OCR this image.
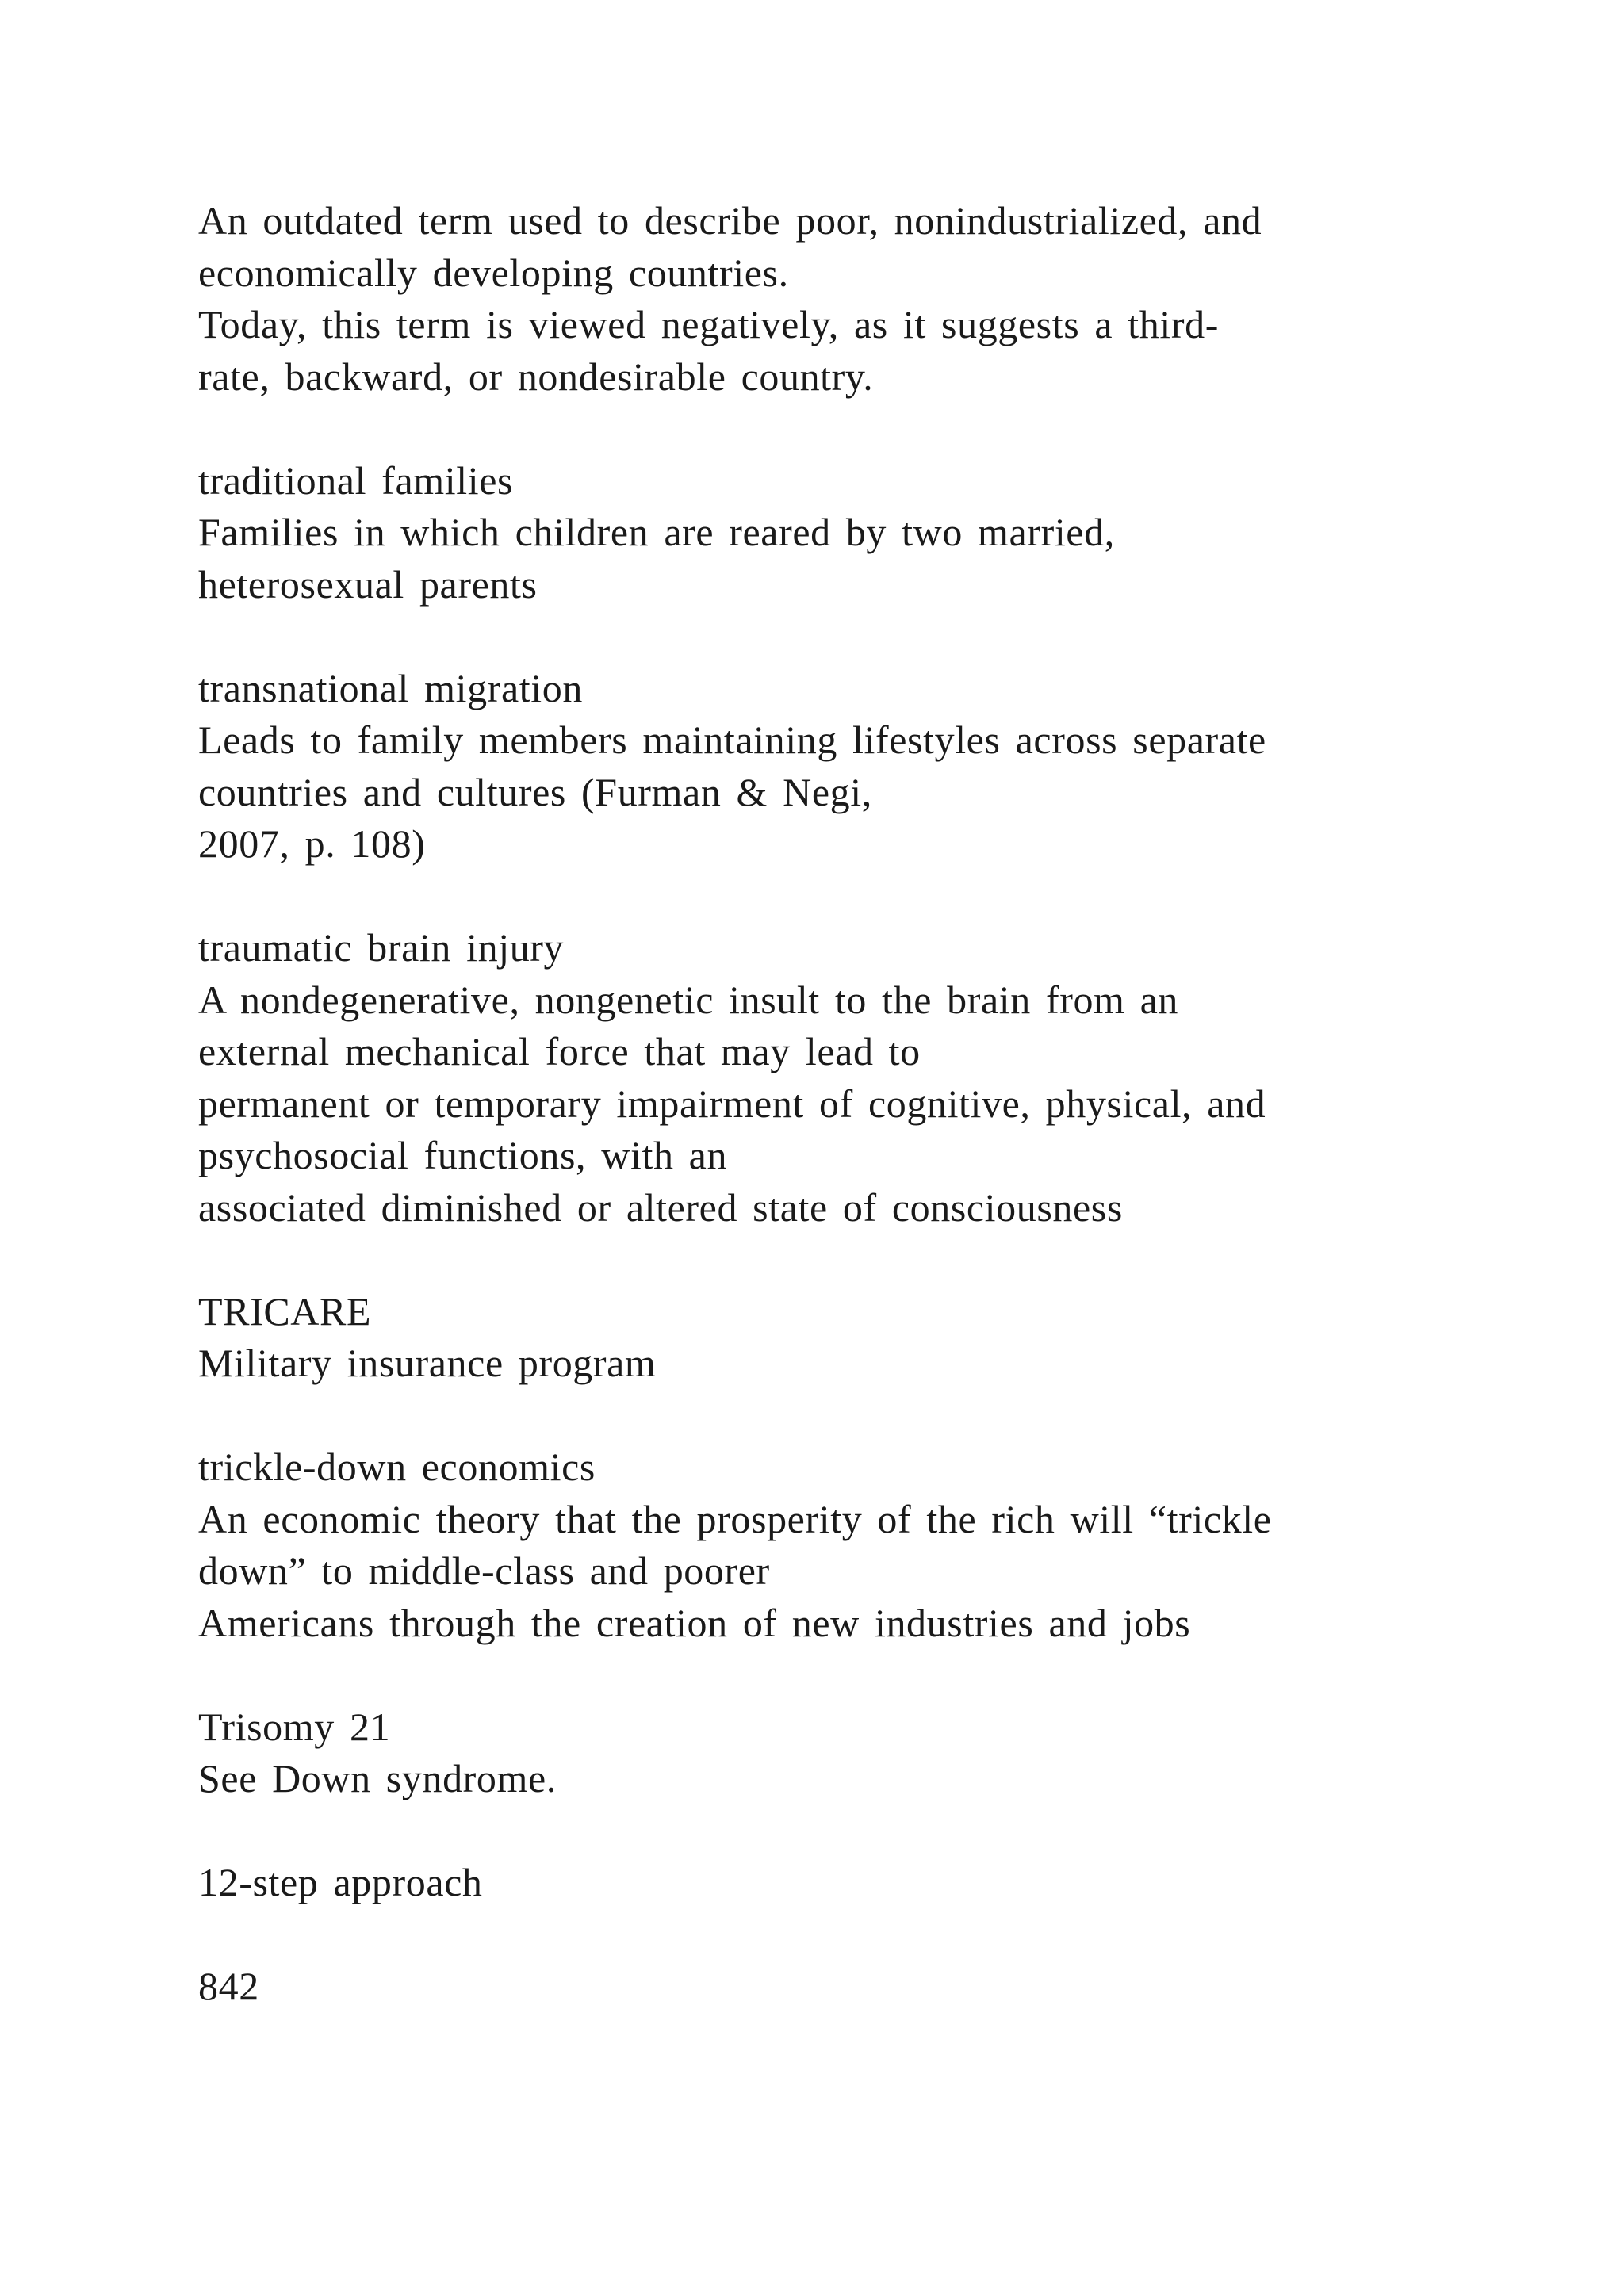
An outdated term used to describe poor, nonindustrialized, and
economically developing countries.
Today, this term is viewed negatively, as it suggests a third-
rate, backward, or nondesirable country.
traditional families
Families in which children are reared by two married,
heterosexual parents
transnational migration
Leads to family members maintaining lifestyles across separate
countries and cultures (Furman & Negi,
2007, p. 108)
traumatic brain injury
A nondegenerative, nongenetic insult to the brain from an
external mechanical force that may lead to
permanent or temporary impairment of cognitive, physical, and
psychosocial functions, with an
associated diminished or altered state of consciousness
TRICARE
Military insurance program
trickle-down economics
An economic theory that the prosperity of the rich will “trickle
down” to middle-class and poorer
Americans through the creation of new industries and jobs
Trisomy 21
See Down syndrome.
12-step approach
842
